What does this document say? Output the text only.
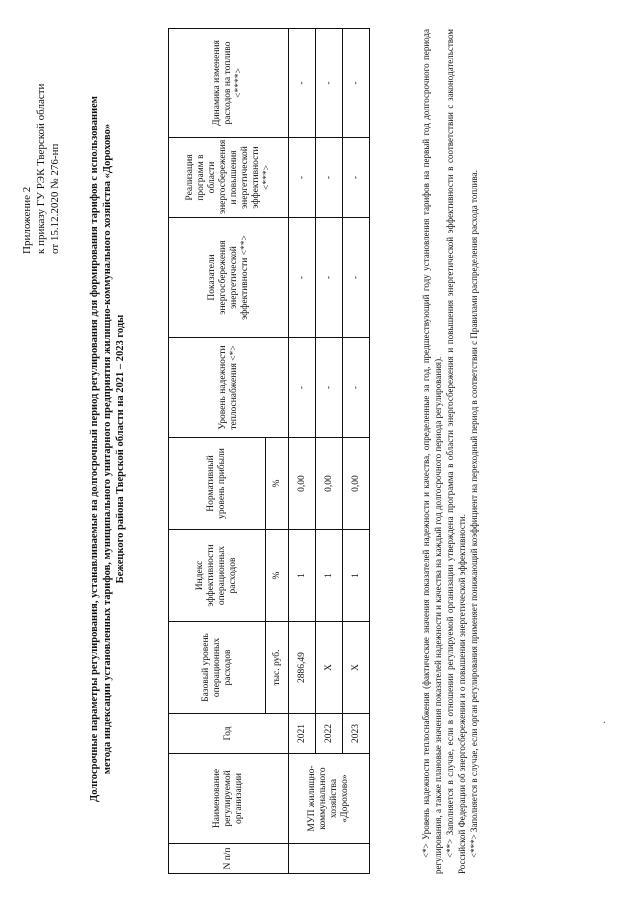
Приложение 2 к приказу ГУ РЭК Тверской области от 15.12.2020 № 276-нп	Долгосрочные параметры регулирования, устанавливаемые на долгосрочный период регулирования для формирования тарифов с использованием метода индексации установленных тарифов, муниципального унитарного предприятия жилищно-коммунального хозяйства «Дорохово» Бежецкого района Тверской области на 2021 – 2023 годы
N п/п	Наименование регулируемой организации	Год	Базовый уровень операционных расходов	Индекс эффективности операционных расходов	Нормативный уровень прибыли	Уровень надежности теплоснабжения <*>	Показатели энергосбережения энергетической эффективности <**>	Реализация программ в области энергосбережения и повышения энергетической эффективности <***>	Динамика изменения расходов на топливо <****>
			тыс. руб.	%	%				
	МУП жилищно-коммунального хозяйства «Дорохово»	2021	2886,49	1	0,00	-	-	-	-
		2022	Х	1	0,00	-	-	-	-
		2023	Х	1	0,00	-	-	-	-	<*> Уровень надежности теплоснабжения (фактические значения показателей надежности и качества, определенные за год, предшествующий году установления тарифов на первый год долгосрочного периода регулирования, а также плановые значения показателей надежности и качества на каждый год долгосрочного периода регулирования). <**> Заполняется в случае, если в отношении регулируемой организации утверждена программа в области энергосбережения и повышения энергетической эффективности в соответствии с законодательством Российской Федерации об энергосбережении и о повышении энергетической эффективности. <***> Заполняется в случае, если орган регулирования применяет понижающий коэффициент на переходный период в соответствии с Правилами распределения расхода топлива.	·
